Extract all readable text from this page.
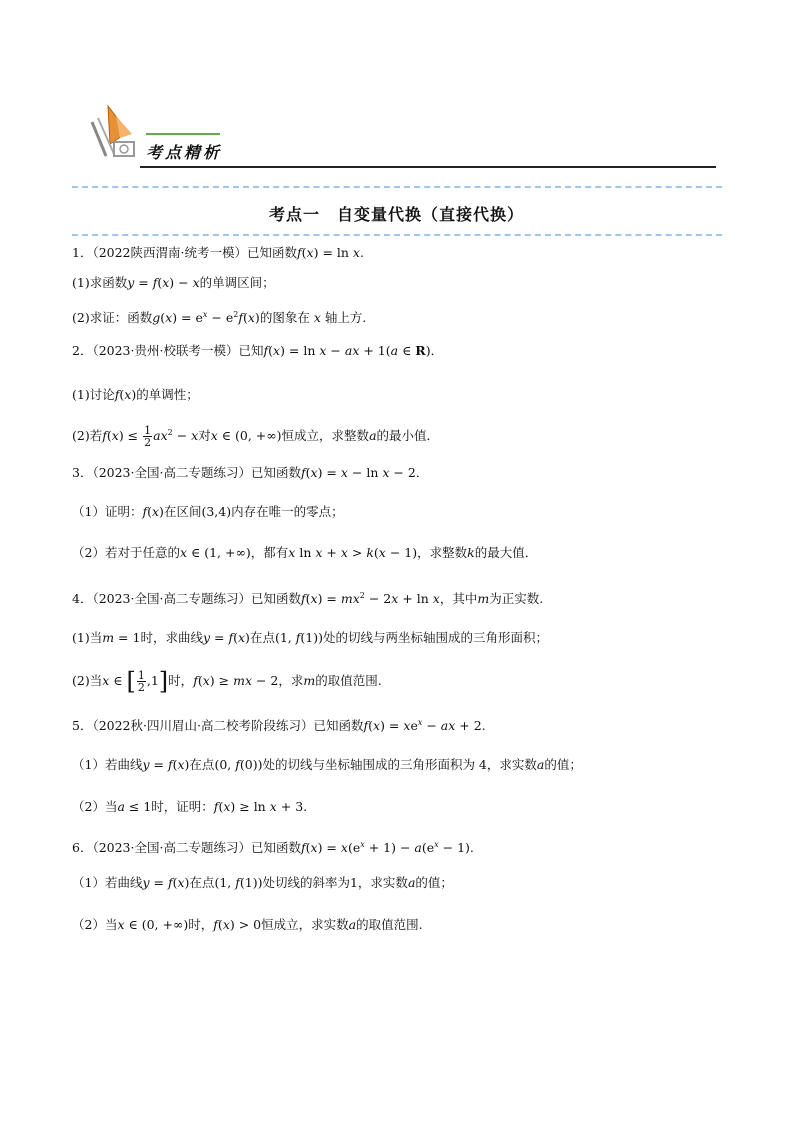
考点精析
考点一　自变量代换（直接代换）
1．（2022陕西渭南·统考一模）已知函数f(x) = ln x.
(1)求函数y = f(x) − x的单调区间；
(2)求证：函数$g(x) = e^x - e^2f(x)$的图象在 x 轴上方.
2．（2023·贵州·校联考一模）已知f(x) = ln x − ax + 1(a ∈ R)．
(1)讨论f(x)的单调性；
(2)若$f(x) \le \frac{1}{2} ax^2 - x$对x ∈ (0, +∞)恒成立，求整数a的最小值．
3．（2023·全国·高二专题练习）已知函数f(x) = x − ln x − 2．
（1）证明：f(x)在区间(3,4)内存在唯一的零点；
（2）若对于任意的x ∈ (1, +∞)，都有x ln x + x > k(x − 1)，求整数k的最大值．
4．（2023·全国·高二专题练习）已知函数$f(x) = mx^2 - 2x + \ln x$，其中m为正实数.
(1)当m = 1时，求曲线y = f(x)在点(1, f(1))处的切线与两坐标轴围成的三角形面积；
(2)当x ∈ [ $\frac{1}{2} ,1$]时，f(x) ≥ mx − 2，求m的取值范围.
5．（2022秋·四川眉山·高二校考阶段练习）已知函数$f(x) = xe^x$ − ax + 2.
（1）若曲线y = f(x)在点(0, f(0))处的切线与坐标轴围成的三角形面积为 4，求实数a的值；
（2）当a ≤ 1时，证明：f(x) ≥ ln x + 3.
6．（2023·全国·高二专题练习）已知函数$f(x) = x(e^x + 1) - a(e^x - 1)$.
（1）若曲线y = f(x)在点(1, f(1))处切线的斜率为1，求实数a的值；
（2）当x ∈ (0, +∞)时，f(x) > 0恒成立，求实数a的取值范围.
